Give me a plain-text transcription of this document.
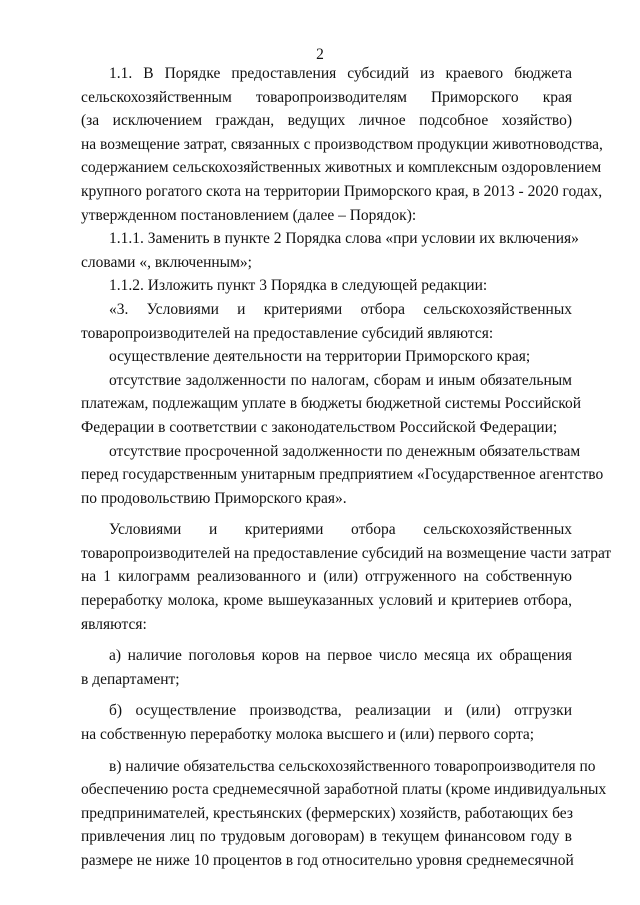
2
1.1. В Порядке предоставления субсидий из краевого бюджета
сельскохозяйственным товаропроизводителям Приморского края
(за исключением граждан, ведущих личное подсобное хозяйство)
на возмещение затрат, связанных с производством продукции животноводства,
содержанием сельскохозяйственных животных и комплексным оздоровлением
крупного рогатого скота на территории Приморского края, в 2013 - 2020 годах,
утвержденном постановлением (далее – Порядок):
1.1.1. Заменить в пункте 2 Порядка слова «при условии их включения»
словами «, включенным»;
1.1.2. Изложить пункт 3 Порядка в следующей редакции:
«3. Условиями и критериями отбора сельскохозяйственных
товаропроизводителей на предоставление субсидий являются:
осуществление деятельности на территории Приморского края;
отсутствие задолженности по налогам, сборам и иным обязательным
платежам, подлежащим уплате в бюджеты бюджетной системы Российской
Федерации в соответствии с законодательством Российской Федерации;
отсутствие просроченной задолженности по денежным обязательствам
перед государственным унитарным предприятием «Государственное агентство
по продовольствию Приморского края».
Условиями и критериями отбора сельскохозяйственных
товаропроизводителей на предоставление субсидий на возмещение части затрат
на 1 килограмм реализованного и (или) отгруженного на собственную
переработку молока, кроме вышеуказанных условий и критериев отбора,
являются:
а) наличие поголовья коров на первое число месяца их обращения
в департамент;
б) осуществление производства, реализации и (или) отгрузки
на собственную переработку молока высшего и (или) первого сорта;
в) наличие обязательства сельскохозяйственного товаропроизводителя по
обеспечению роста среднемесячной заработной платы (кроме индивидуальных
предпринимателей, крестьянских (фермерских) хозяйств, работающих без
привлечения лиц по трудовым договорам) в текущем финансовом году в
размере не ниже 10 процентов в год относительно уровня среднемесячной
